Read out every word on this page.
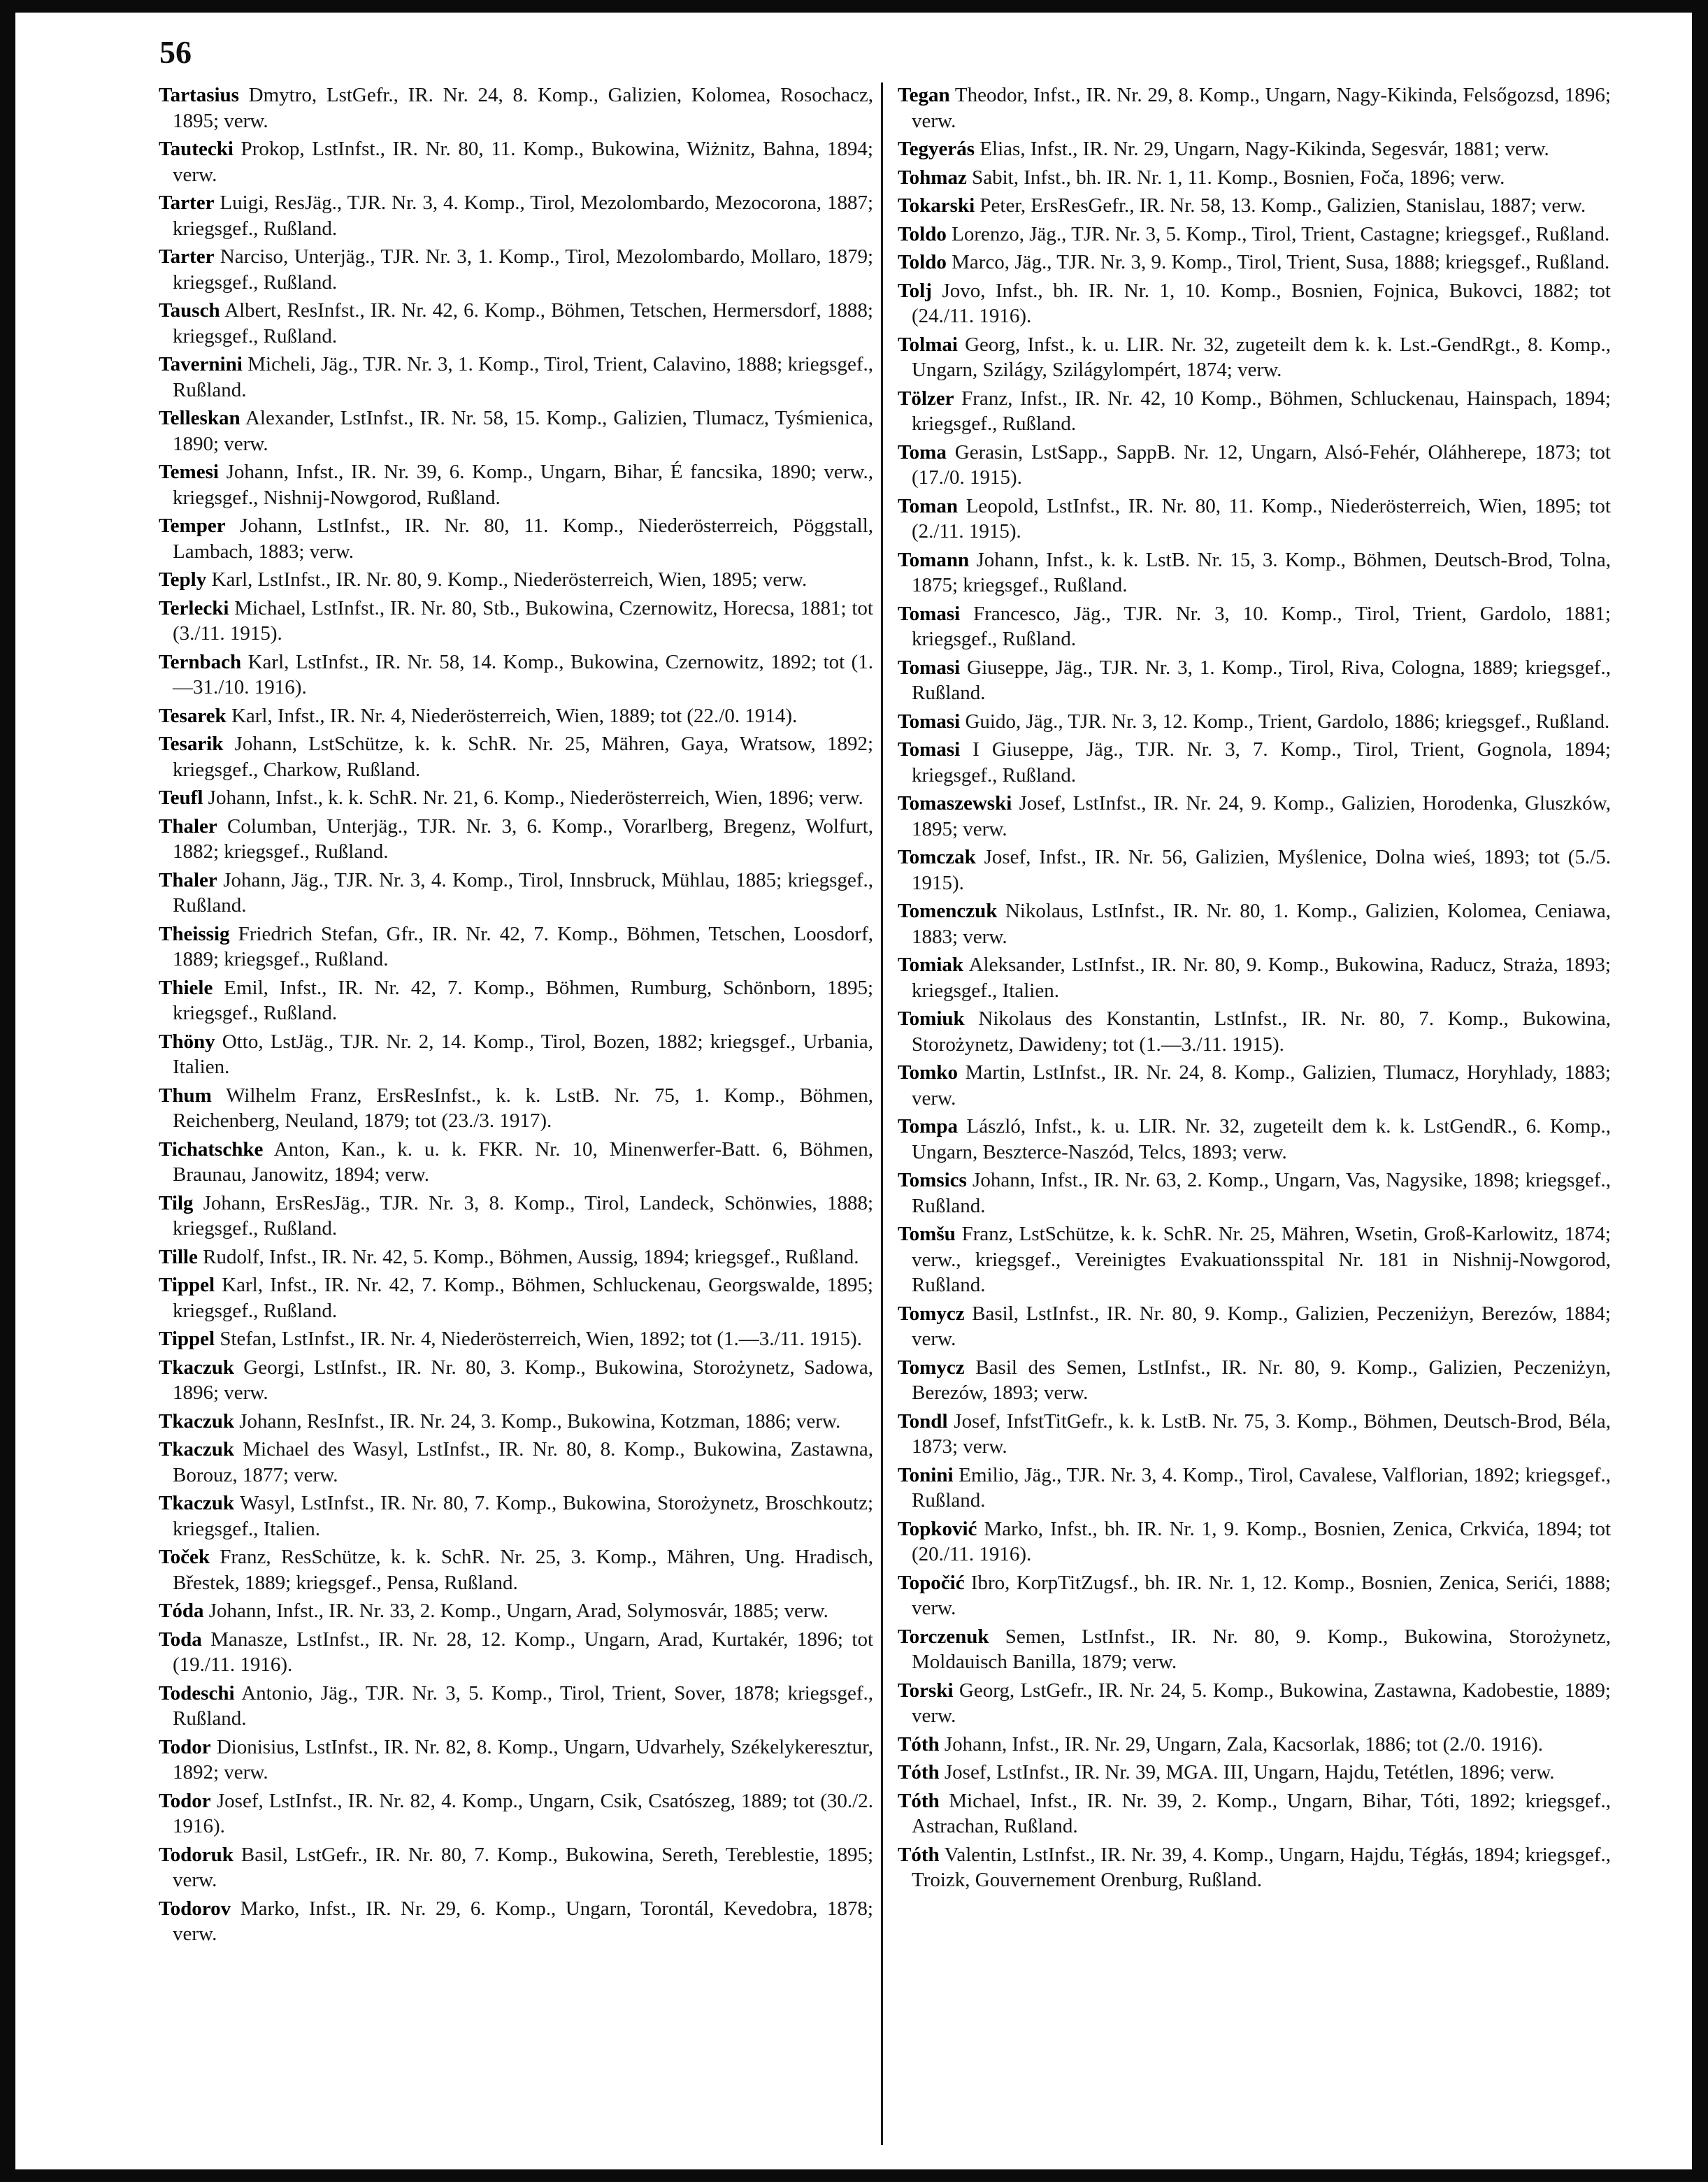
56

Tartasius Dmytro, LstGefr., IR. Nr. 24, 8. Komp., Galizien, Kolomea, Rosochacz, 1895; verw.

Tautecki Prokop, LstInfst., IR. Nr. 80, 11. Komp., Bukowina, Wiżnitz, Bahna, 1894; verw.

Tarter Luigi, ResJäg., TJR. Nr. 3, 4. Komp., Tirol, Mezolombardo, Mezocorona, 1887; kriegsgef., Rußland.

Tarter Narciso, Unterjäg., TJR. Nr. 3, 1. Komp., Tirol, Mezolombardo, Mollaro, 1879; kriegsgef., Rußland.

Tausch Albert, ResInfst., IR. Nr. 42, 6. Komp., Böhmen, Tetschen, Hermersdorf, 1888; kriegsgef., Rußland.

Tavernini Micheli, Jäg., TJR. Nr. 3, 1. Komp., Tirol, Trient, Calavino, 1888; kriegsgef., Rußland.

Telleskan Alexander, LstInfst., IR. Nr. 58, 15. Komp., Galizien, Tlumacz, Tyśmienica, 1890; verw.

Temesi Johann, Infst., IR. Nr. 39, 6. Komp., Ungarn, Bihar, É fancsika, 1890; verw., kriegsgef., Nishnij-Nowgorod, Rußland.

Temper Johann, LstInfst., IR. Nr. 80, 11. Komp., Niederösterreich, Pöggstall, Lambach, 1883; verw.

Teply Karl, LstInfst., IR. Nr. 80, 9. Komp., Niederösterreich, Wien, 1895; verw.

Terlecki Michael, LstInfst., IR. Nr. 80, Stb., Bukowina, Czernowitz, Horecsa, 1881; tot (3./11. 1915).

Ternbach Karl, LstInfst., IR. Nr. 58, 14. Komp., Bukowina, Czernowitz, 1892; tot (1.—31./10. 1916).

Tesarek Karl, Infst., IR. Nr. 4, Niederösterreich, Wien, 1889; tot (22./0. 1914).

Tesarik Johann, LstSchütze, k. k. SchR. Nr. 25, Mähren, Gaya, Wratsow, 1892; kriegsgef., Charkow, Rußland.

Teufl Johann, Infst., k. k. SchR. Nr. 21, 6. Komp., Niederösterreich, Wien, 1896; verw.

Thaler Columban, Unterjäg., TJR. Nr. 3, 6. Komp., Vorarlberg, Bregenz, Wolfurt, 1882; kriegsgef., Rußland.

Thaler Johann, Jäg., TJR. Nr. 3, 4. Komp., Tirol, Innsbruck, Mühlau, 1885; kriegsgef., Rußland.

Theissig Friedrich Stefan, Gfr., IR. Nr. 42, 7. Komp., Böhmen, Tetschen, Loosdorf, 1889; kriegsgef., Rußland.

Thiele Emil, Infst., IR. Nr. 42, 7. Komp., Böhmen, Rumburg, Schönborn, 1895; kriegsgef., Rußland.

Thöny Otto, LstJäg., TJR. Nr. 2, 14. Komp., Tirol, Bozen, 1882; kriegsgef., Urbania, Italien.

Thum Wilhelm Franz, ErsResInfst., k. k. LstB. Nr. 75, 1. Komp., Böhmen, Reichenberg, Neuland, 1879; tot (23./3. 1917).

Tichatschke Anton, Kan., k. u. k. FKR. Nr. 10, Minenwerfer-Batt. 6, Böhmen, Braunau, Janowitz, 1894; verw.

Tilg Johann, ErsResJäg., TJR. Nr. 3, 8. Komp., Tirol, Landeck, Schönwies, 1888; kriegsgef., Rußland.

Tille Rudolf, Infst., IR. Nr. 42, 5. Komp., Böhmen, Aussig, 1894; kriegsgef., Rußland.

Tippel Karl, Infst., IR. Nr. 42, 7. Komp., Böhmen, Schluckenau, Georgswalde, 1895; kriegsgef., Rußland.

Tippel Stefan, LstInfst., IR. Nr. 4, Niederösterreich, Wien, 1892; tot (1.—3./11. 1915).

Tkaczuk Georgi, LstInfst., IR. Nr. 80, 3. Komp., Bukowina, Storożynetz, Sadowa, 1896; verw.

Tkaczuk Johann, ResInfst., IR. Nr. 24, 3. Komp., Bukowina, Kotzman, 1886; verw.

Tkaczuk Michael des Wasyl, LstInfst., IR. Nr. 80, 8. Komp., Bukowina, Zastawna, Borouz, 1877; verw.

Tkaczuk Wasyl, LstInfst., IR. Nr. 80, 7. Komp., Bukowina, Storożynetz, Broschkoutz; kriegsgef., Italien.

Toček Franz, ResSchütze, k. k. SchR. Nr. 25, 3. Komp., Mähren, Ung. Hradisch, Břestek, 1889; kriegsgef., Pensa, Rußland.

Tóda Johann, Infst., IR. Nr. 33, 2. Komp., Ungarn, Arad, Solymosvár, 1885; verw.

Toda Manasze, LstInfst., IR. Nr. 28, 12. Komp., Ungarn, Arad, Kurtakér, 1896; tot (19./11. 1916).

Todeschi Antonio, Jäg., TJR. Nr. 3, 5. Komp., Tirol, Trient, Sover, 1878; kriegsgef., Rußland.

Todor Dionisius, LstInfst., IR. Nr. 82, 8. Komp., Ungarn, Udvarhely, Székelykeresztur, 1892; verw.

Todor Josef, LstInfst., IR. Nr. 82, 4. Komp., Ungarn, Csik, Csatószeg, 1889; tot (30./2. 1916).

Todoruk Basil, LstGefr., IR. Nr. 80, 7. Komp., Bukowina, Sereth, Tereblestie, 1895; verw.

Todorov Marko, Infst., IR. Nr. 29, 6. Komp., Ungarn, Torontál, Kevedobra, 1878; verw.

Tegan Theodor, Infst., IR. Nr. 29, 8. Komp., Ungarn, Nagy-Kikinda, Felsőgozsd, 1896; verw.

Tegyerás Elias, Infst., IR. Nr. 29, Ungarn, Nagy-Kikinda, Segesvár, 1881; verw.

Tohmaz Sabit, Infst., bh. IR. Nr. 1, 11. Komp., Bosnien, Foča, 1896; verw.

Tokarski Peter, ErsResGefr., IR. Nr. 58, 13. Komp., Galizien, Stanislau, 1887; verw.

Toldo Lorenzo, Jäg., TJR. Nr. 3, 5. Komp., Tirol, Trient, Castagne; kriegsgef., Rußland.

Toldo Marco, Jäg., TJR. Nr. 3, 9. Komp., Tirol, Trient, Susa, 1888; kriegsgef., Rußland.

Tolj Jovo, Infst., bh. IR. Nr. 1, 10. Komp., Bosnien, Fojnica, Bukovci, 1882; tot (24./11. 1916).

Tolmai Georg, Infst., k. u. LIR. Nr. 32, zugeteilt dem k. k. Lst.-GendRgt., 8. Komp., Ungarn, Szilágy, Szilágylompért, 1874; verw.

Tölzer Franz, Infst., IR. Nr. 42, 10 Komp., Böhmen, Schluckenau, Hainspach, 1894; kriegsgef., Rußland.

Toma Gerasin, LstSapp., SappB. Nr. 12, Ungarn, Alsó-Fehér, Oláhherepe, 1873; tot (17./0. 1915).

Toman Leopold, LstInfst., IR. Nr. 80, 11. Komp., Niederösterreich, Wien, 1895; tot (2./11. 1915).

Tomann Johann, Infst., k. k. LstB. Nr. 15, 3. Komp., Böhmen, Deutsch-Brod, Tolna, 1875; kriegsgef., Rußland.

Tomasi Francesco, Jäg., TJR. Nr. 3, 10. Komp., Tirol, Trient, Gardolo, 1881; kriegsgef., Rußland.

Tomasi Giuseppe, Jäg., TJR. Nr. 3, 1. Komp., Tirol, Riva, Cologna, 1889; kriegsgef., Rußland.

Tomasi Guido, Jäg., TJR. Nr. 3, 12. Komp., Trient, Gardolo, 1886; kriegsgef., Rußland.

Tomasi I Giuseppe, Jäg., TJR. Nr. 3, 7. Komp., Tirol, Trient, Gognola, 1894; kriegsgef., Rußland.

Tomaszewski Josef, LstInfst., IR. Nr. 24, 9. Komp., Galizien, Horodenka, Gluszków, 1895; verw.

Tomczak Josef, Infst., IR. Nr. 56, Galizien, Myślenice, Dolna wieś, 1893; tot (5./5. 1915).

Tomenczuk Nikolaus, LstInfst., IR. Nr. 80, 1. Komp., Galizien, Kolomea, Ceniawa, 1883; verw.

Tomiak Aleksander, LstInfst., IR. Nr. 80, 9. Komp., Bukowina, Raducz, Straża, 1893; kriegsgef., Italien.

Tomiuk Nikolaus des Konstantin, LstInfst., IR. Nr. 80, 7. Komp., Bukowina, Storożynetz, Dawideny; tot (1.—3./11. 1915).

Tomko Martin, LstInfst., IR. Nr. 24, 8. Komp., Galizien, Tlumacz, Horyhlady, 1883; verw.

Tompa László, Infst., k. u. LIR. Nr. 32, zugeteilt dem k. k. LstGendR., 6. Komp., Ungarn, Beszterce-Naszód, Telcs, 1893; verw.

Tomsics Johann, Infst., IR. Nr. 63, 2. Komp., Ungarn, Vas, Nagysike, 1898; kriegsgef., Rußland.

Tomšu Franz, LstSchütze, k. k. SchR. Nr. 25, Mähren, Wsetin, Groß-Karlowitz, 1874; verw., kriegsgef., Vereinigtes Evakuationsspital Nr. 181 in Nishnij-Nowgorod, Rußland.

Tomycz Basil, LstInfst., IR. Nr. 80, 9. Komp., Galizien, Peczeniżyn, Berezów, 1884; verw.

Tomycz Basil des Semen, LstInfst., IR. Nr. 80, 9. Komp., Galizien, Peczeniżyn, Berezów, 1893; verw.

Tondl Josef, InfstTitGefr., k. k. LstB. Nr. 75, 3. Komp., Böhmen, Deutsch-Brod, Béla, 1873; verw.

Tonini Emilio, Jäg., TJR. Nr. 3, 4. Komp., Tirol, Cavalese, Valflorian, 1892; kriegsgef., Rußland.

Topković Marko, Infst., bh. IR. Nr. 1, 9. Komp., Bosnien, Zenica, Crkvića, 1894; tot (20./11. 1916).

Topočić Ibro, KorpTitZugsf., bh. IR. Nr. 1, 12. Komp., Bosnien, Zenica, Serići, 1888; verw.

Torczenuk Semen, LstInfst., IR. Nr. 80, 9. Komp., Bukowina, Storożynetz, Moldauisch Banilla, 1879; verw.

Torski Georg, LstGefr., IR. Nr. 24, 5. Komp., Bukowina, Zastawna, Kadobestie, 1889; verw.

Tóth Johann, Infst., IR. Nr. 29, Ungarn, Zala, Kacsorlak, 1886; tot (2./0. 1916).

Tóth Josef, LstInfst., IR. Nr. 39, MGA. III, Ungarn, Hajdu, Tetétlen, 1896; verw.

Tóth Michael, Infst., IR. Nr. 39, 2. Komp., Ungarn, Bihar, Tóti, 1892; kriegsgef., Astrachan, Rußland.

Tóth Valentin, LstInfst., IR. Nr. 39, 4. Komp., Ungarn, Hajdu, Tégłás, 1894; kriegsgef., Troizk, Gouvernement Orenburg, Rußland.
